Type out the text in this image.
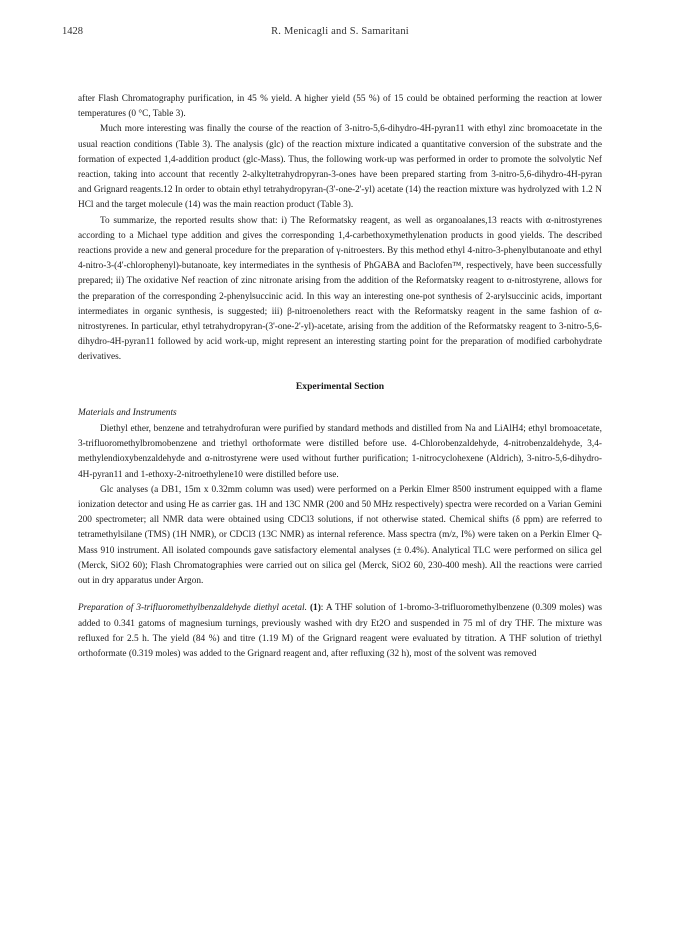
1428	R. Menicagli and S. Samaritani

after Flash Chromatography purification, in 45 % yield. A higher yield (55 %) of 15 could be obtained performing the reaction at lower temperatures (0 °C, Table 3).

Much more interesting was finally the course of the reaction of 3-nitro-5,6-dihydro-4H-pyran11 with ethyl zinc bromoacetate in the usual reaction conditions (Table 3). The analysis (glc) of the reaction mixture indicated a quantitative conversion of the substrate and the formation of expected 1,4-addition product (glc-Mass). Thus, the following work-up was performed in order to promote the solvolytic Nef reaction, taking into account that recently 2-alkyltetrahydropyran-3-ones have been prepared starting from 3-nitro-5,6-dihydro-4H-pyran and Grignard reagents.12 In order to obtain ethyl tetrahydropyran-(3'-one-2'-yl) acetate (14) the reaction mixture was hydrolyzed with 1.2 N HCl and the target molecule (14) was the main reaction product (Table 3).

To summarize, the reported results show that: i) The Reformatsky reagent, as well as organoalanes,13 reacts with α-nitrostyrenes according to a Michael type addition and gives the corresponding 1,4-carbethoxymethylenation products in good yields. The described reactions provide a new and general procedure for the preparation of γ-nitroesters. By this method ethyl 4-nitro-3-phenylbutanoate and ethyl 4-nitro-3-(4'-chlorophenyl)-butanoate, key intermediates in the synthesis of PhGABA and Baclofen™, respectively, have been successfully prepared; ii) The oxidative Nef reaction of zinc nitronate arising from the addition of the Reformatsky reagent to α-nitrostyrene, allows for the preparation of the corresponding 2-phenylsuccinic acid. In this way an interesting one-pot synthesis of 2-arylsuccinic acids, important intermediates in organic synthesis, is suggested; iii) β-nitroenolethers react with the Reformatsky reagent in the same fashion of α-nitrostyrenes. In particular, ethyl tetrahydropyran-(3'-one-2'-yl)-acetate, arising from the addition of the Reformatsky reagent to 3-nitro-5,6-dihydro-4H-pyran11 followed by acid work-up, might represent an interesting starting point for the preparation of modified carbohydrate derivatives.

Experimental Section
Materials and Instruments

Diethyl ether, benzene and tetrahydrofuran were purified by standard methods and distilled from Na and LiAlH4; ethyl bromoacetate, 3-trifluoromethylbromobenzene and triethyl orthoformate were distilled before use. 4-Chlorobenzaldehyde, 4-nitrobenzaldehyde, 3,4-methylendioxybenzaldehyde and α-nitrostyrene were used without further purification; 1-nitrocyclohexene (Aldrich), 3-nitro-5,6-dihydro-4H-pyran11 and 1-ethoxy-2-nitroethylene10 were distilled before use.

Glc analyses (a DB1, 15m x 0.32mm column was used) were performed on a Perkin Elmer 8500 instrument equipped with a flame ionization detector and using He as carrier gas. 1H and 13C NMR (200 and 50 MHz respectively) spectra were recorded on a Varian Gemini 200 spectrometer; all NMR data were obtained using CDCl3 solutions, if not otherwise stated. Chemical shifts (δ ppm) are referred to tetramethylsilane (TMS) (1H NMR), or CDCl3 (13C NMR) as internal reference. Mass spectra (m/z, I%) were taken on a Perkin Elmer Q-Mass 910 instrument. All isolated compounds gave satisfactory elemental analyses (± 0.4%). Analytical TLC were performed on silica gel (Merck, SiO2 60); Flash Chromatographies were carried out on silica gel (Merck, SiO2 60, 230-400 mesh). All the reactions were carried out in dry apparatus under Argon.

Preparation of 3-trifluoromethylbenzaldehyde diethyl acetal. (1): A THF solution of 1-bromo-3-trifluoromethylbenzene (0.309 moles) was added to 0.341 gatoms of magnesium turnings, previously washed with dry Et2O and suspended in 75 ml of dry THF. The mixture was refluxed for 2.5 h. The yield (84 %) and titre (1.19 M) of the Grignard reagent were evaluated by titration. A THF solution of triethyl orthoformate (0.319 moles) was added to the Grignard reagent and, after refluxing (32 h), most of the solvent was removed
